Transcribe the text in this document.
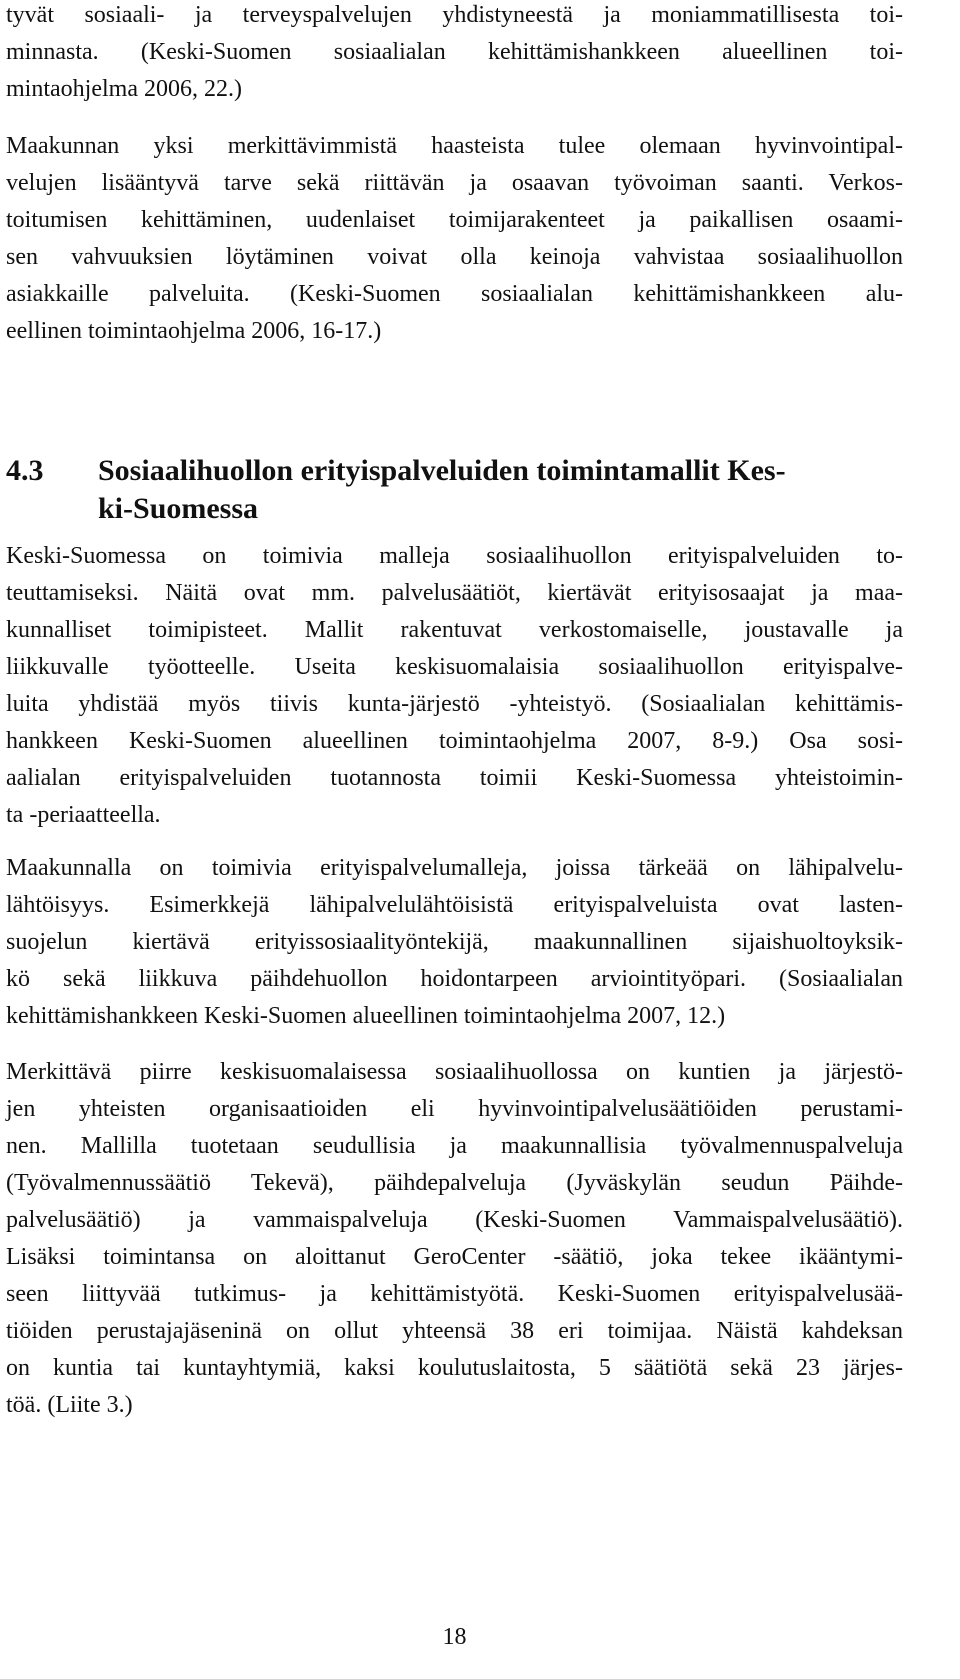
tyvät sosiaali- ja terveyspalvelujen yhdistyneestä ja moniammatillisesta toi-
minnasta. (Keski-Suomen sosiaalialan kehittämishankkeen alueellinen toi-
mintaohjelma 2006, 22.)
Maakunnan yksi merkittävimmistä haasteista tulee olemaan hyvinvointipal-
velujen lisääntyvä tarve sekä riittävän ja osaavan työvoiman saanti. Verkos-
toitumisen kehittäminen, uudenlaiset toimijarakenteet ja paikallisen osaami-
sen vahvuuksien löytäminen voivat olla keinoja vahvistaa sosiaalihuollon
asiakkaille palveluita. (Keski-Suomen sosiaalialan kehittämishankkeen alu-
eellinen toimintaohjelma 2006, 16-17.)
4.3 Sosiaalihuollon erityispalveluiden toimintamallit Kes-
ki-Suomessa
Keski-Suomessa on toimivia malleja sosiaalihuollon erityispalveluiden to-
teuttamiseksi. Näitä ovat mm. palvelusäätiöt, kiertävät erityisosaajat ja maa-
kunnalliset toimipisteet. Mallit rakentuvat verkostomaiselle, joustavalle ja
liikkuvalle työotteelle. Useita keskisuomalaisia sosiaalihuollon erityispalve-
luita yhdistää myös tiivis kunta-järjestö -yhteistyö. (Sosiaalialan kehittämis-
hankkeen Keski-Suomen alueellinen toimintaohjelma 2007, 8-9.) Osa sosi-
aalialan erityispalveluiden tuotannosta toimii Keski-Suomessa yhteistoimin-
ta -periaatteella.
Maakunnalla on toimivia erityispalvelumalleja, joissa tärkeää on lähipalvelu-
lähtöisyys. Esimerkkejä lähipalvelulähtöisistä erityispalveluista ovat lasten-
suojelun kiertävä erityissosiaalityöntekijä, maakunnallinen sijaishuoltoyksik-
kö sekä liikkuva päihdehuollon hoidontarpeen arviointityöpari. (Sosiaalialan
kehittämishankkeen Keski-Suomen alueellinen toimintaohjelma 2007, 12.)
Merkittävä piirre keskisuomalaisessa sosiaalihuollossa on kuntien ja järjestö-
jen yhteisten organisaatioiden eli hyvinvointipalvelusäätiöiden perustami-
nen. Mallilla tuotetaan seudullisia ja maakunnallisia työvalmennuspalveluja
(Työvalmennussäätiö Tekevä), päihdepalveluja (Jyväskylän seudun Päihde-
palvelusäätiö) ja vammaispalveluja (Keski-Suomen Vammaispalvelusäätiö).
Lisäksi toimintansa on aloittanut GeroCenter -säätiö, joka tekee ikääntymi-
seen liittyvää tutkimus- ja kehittämistyötä. Keski-Suomen erityispalvelusää-
tiöiden perustajajäseninä on ollut yhteensä 38 eri toimijaa. Näistä kahdeksan
on kuntia tai kuntayhtymiä, kaksi koulutuslaitosta, 5 säätiötä sekä 23 järjes-
töä. (Liite 3.)
18
